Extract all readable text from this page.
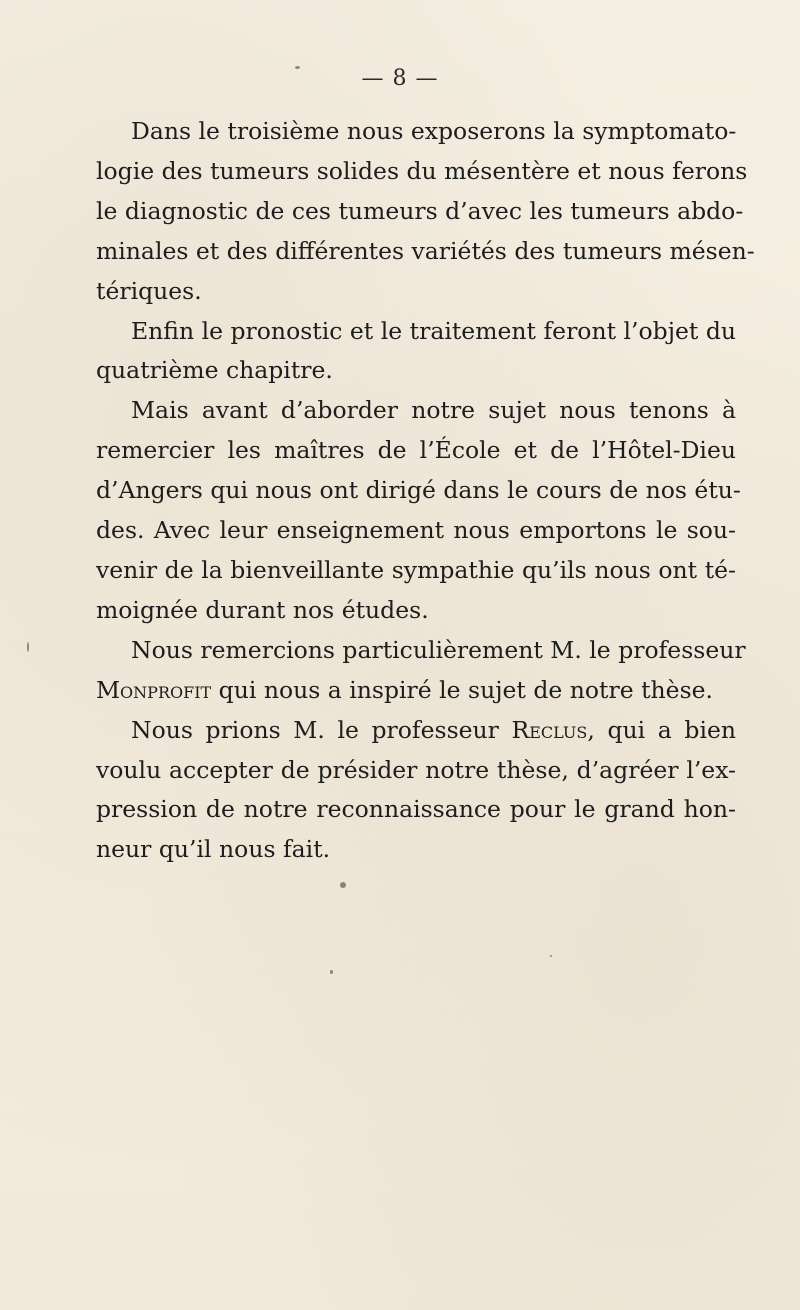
— 8 —

Dans le troisième nous exposerons la symptomato-
logie des tumeurs solides du mésentère et nous ferons
le diagnostic de ces tumeurs d’avec les tumeurs abdo-
minales et des différentes variétés des tumeurs mésen-
tériques.

Enfin le pronostic et le traitement feront l’objet du
quatrième chapitre.

Mais avant d’aborder notre sujet nous tenons à
remercier les maîtres de l’École et de l’Hôtel-Dieu
d’Angers qui nous ont dirigé dans le cours de nos étu-
des. Avec leur enseignement nous emportons le sou-
venir de la bienveillante sympathie qu’ils nous ont té-
moignée durant nos études.

Nous remercions particulièrement M. le professeur
Monprofit qui nous a inspiré le sujet de notre thèse.

Nous prions M. le professeur Reclus, qui a bien
voulu accepter de présider notre thèse, d’agréer l’ex-
pression de notre reconnaissance pour le grand hon-
neur qu’il nous fait.
